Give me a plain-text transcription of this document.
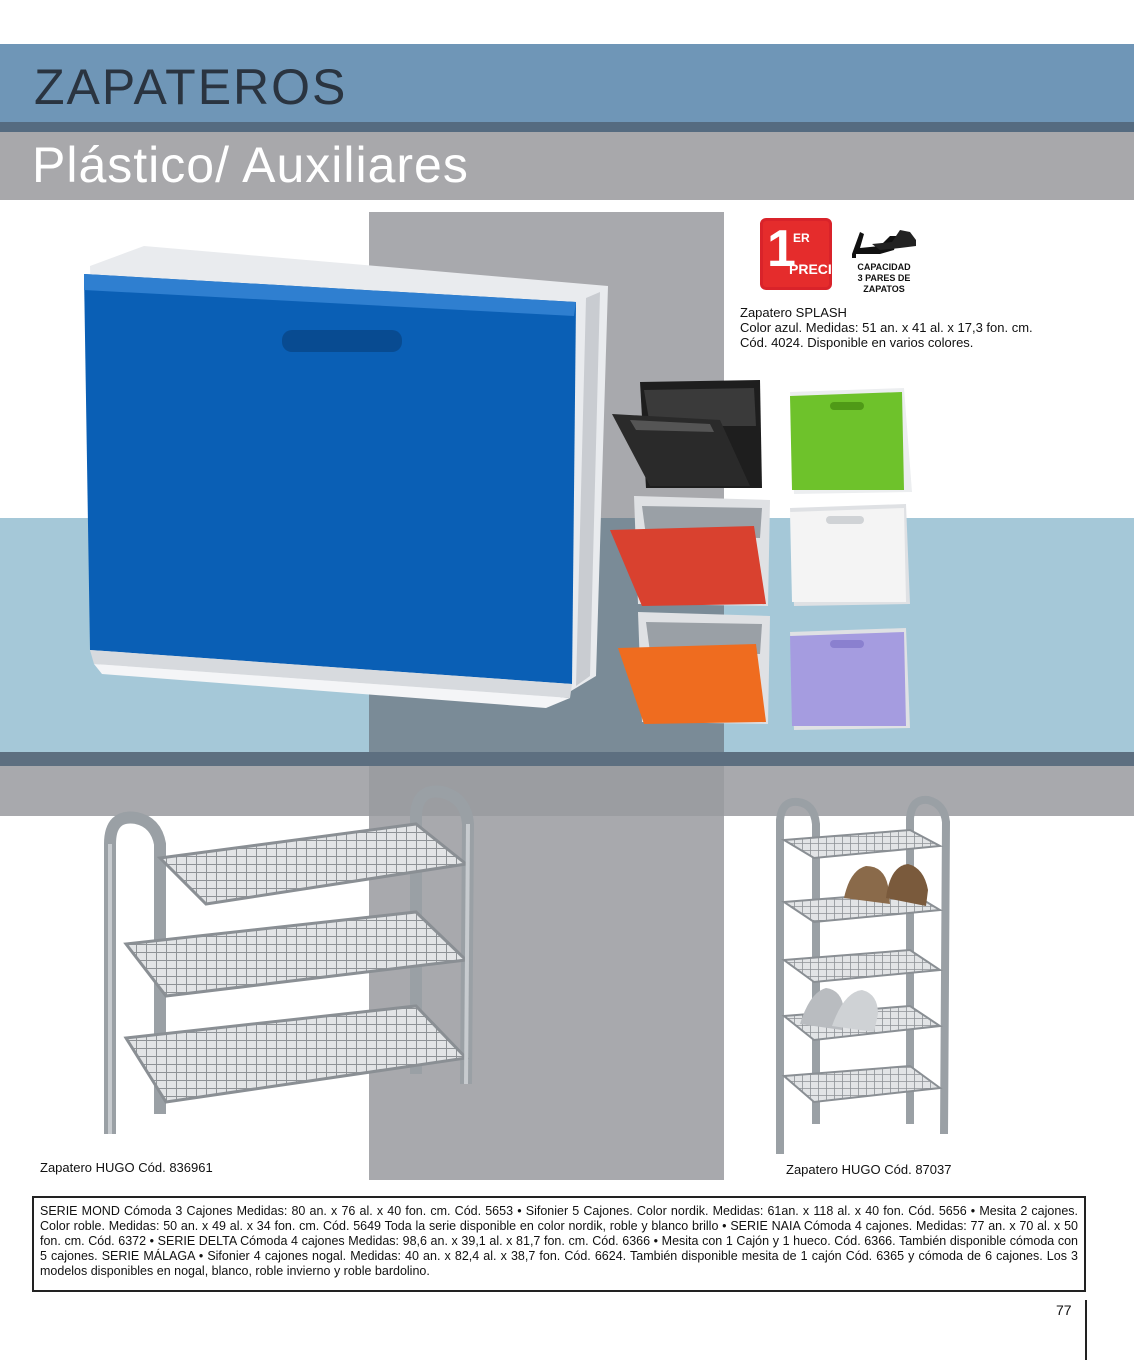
ZAPATEROS
Plástico/ Auxiliares
1
ER
PRECIO	CAPACIDAD
3 PARES DE
ZAPATOS
Zapatero SPLASH
Color azul. Medidas: 51 an. x 41 al. x 17,3 fon. cm.
Cód. 4024. Disponible en varios colores.
Zapatero HUGO Cód. 836961	Zapatero HUGO Cód. 87037
SERIE MOND Cómoda 3 Cajones Medidas: 80 an. x 76 al. x 40 fon. cm. Cód. 5653 • Sifonier 5 Cajones. Color nordik. Medidas: 61an. x 118 al. x 40 fon. Cód. 5656 • Mesita 2 cajones. Color roble. Medidas: 50 an. x 49 al. x 34 fon. cm. Cód. 5649 Toda la serie disponible en color nordik, roble y blanco brillo • SERIE NAIA Cómoda 4 cajones. Medidas: 77 an. x 70 al. x 50 fon. cm. Cód. 6372 • SERIE DELTA Cómoda 4 cajones Medidas: 98,6 an. x 39,1 al. x 81,7 fon. cm. Cód. 6366 • Mesita con 1 Cajón y 1 hueco. Cód. 6366. También disponible cómoda con 5 cajones. SERIE MÁLAGA • Sifonier 4 cajones nogal. Medidas: 40 an. x 82,4 al. x 38,7 fon. Cód. 6624. También disponible mesita de 1 cajón Cód. 6365 y cómoda de 6 cajones. Los 3 modelos disponibles en nogal, blanco, roble invierno y roble bardolino.
77
